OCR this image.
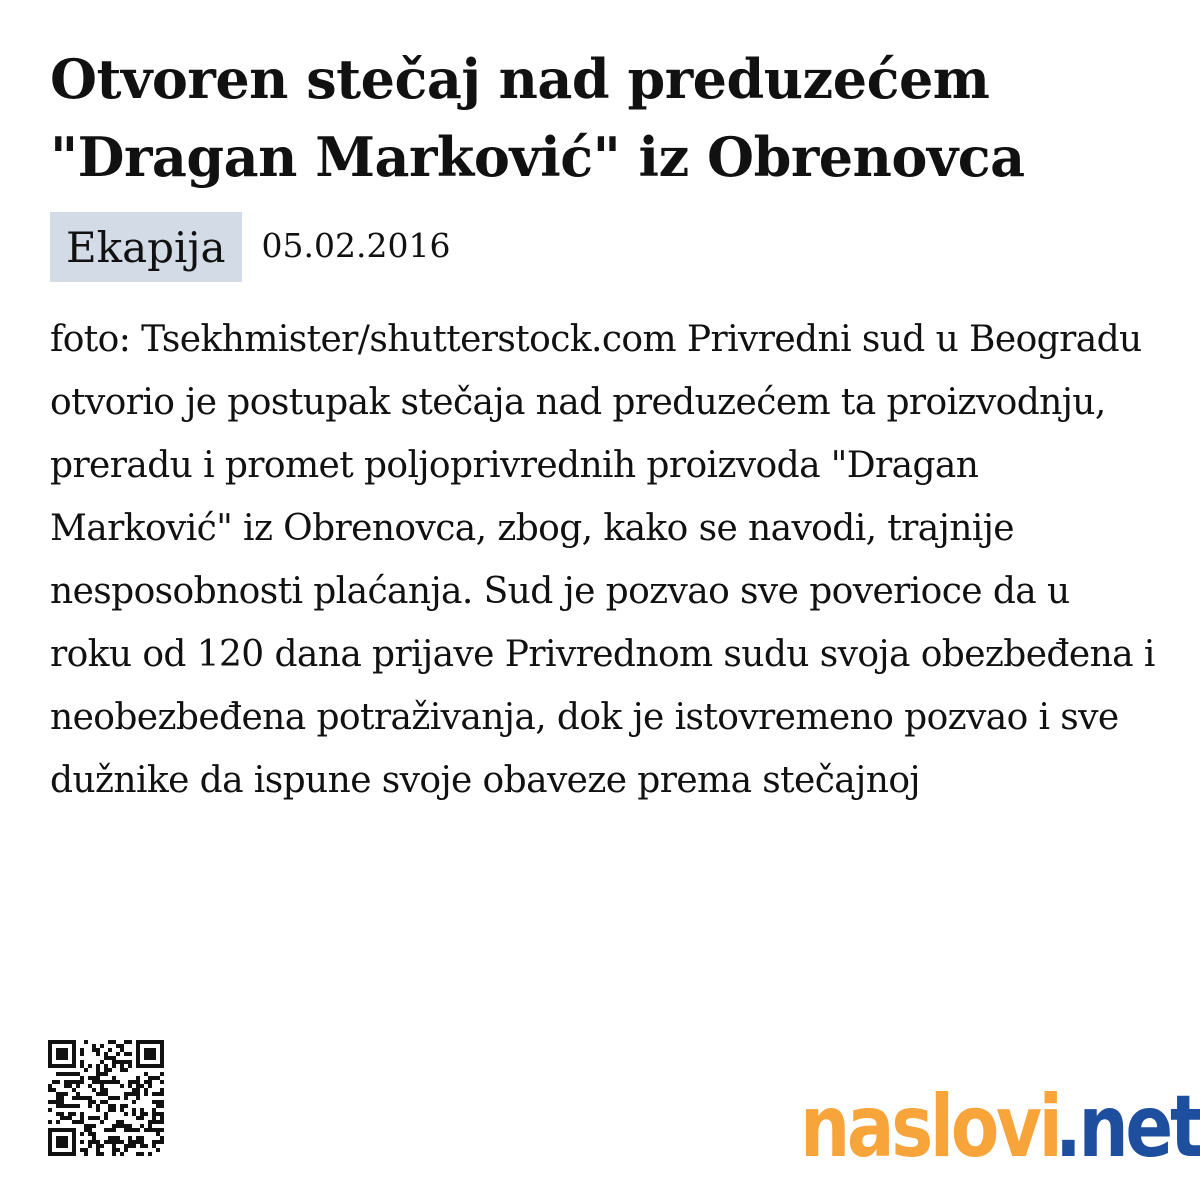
Otvoren stečaj nad preduzećem "Dragan Marković" iz Obrenovca
Ekapija	05.02.2016
foto: Tsekhmister/shutterstock.com Privredni sud u Beogradu otvorio je postupak stečaja nad preduzećem ta proizvodnju, preradu i promet poljoprivrednih proizvoda "Dragan Marković" iz Obrenovca, zbog, kako se navodi, trajnije nesposobnosti plaćanja. Sud je pozvao sve poverioce da u roku od 120 dana prijave Privrednom sudu svoja obezbeđena i neobezbeđena potraživanja, dok je istovremeno pozvao i sve dužnike da ispune svoje obaveze prema stečajnoj
naslovi
.net
